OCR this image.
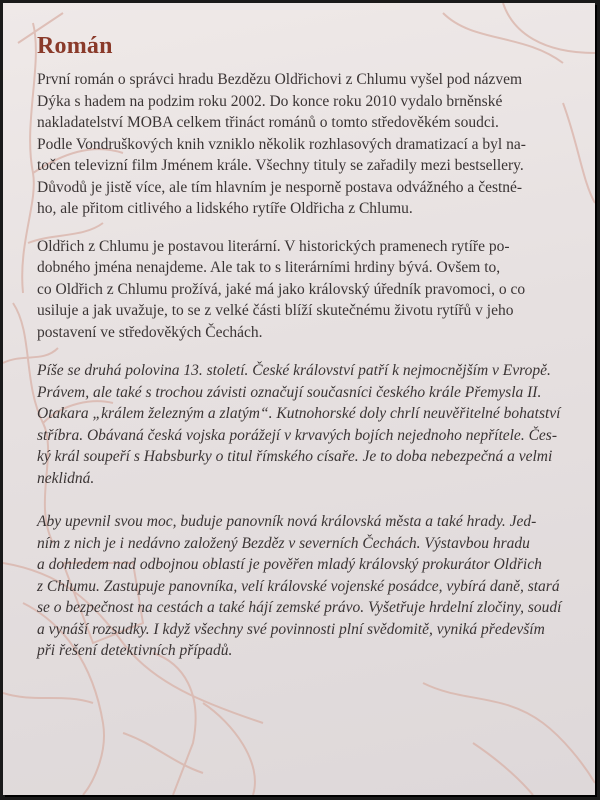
Román

První román o správci hradu Bezdězu Oldřichovi z Chlumu vyšel pod názvem
Dýka s hadem na podzim roku 2002. Do konce roku 2010 vydalo brněnské
nakladatelství MOBA celkem třináct románů o tomto středověkém soudci.
Podle Vondruškových knih vzniklo několik rozhlasových dramatizací a byl na-
točen televizní film Jménem krále. Všechny tituly se zařadily mezi bestsellery.
Důvodů je jistě více, ale tím hlavním je nesporně postava odvážného a čestné-
ho, ale přitom citlivého a lidského rytíře Oldřicha z Chlumu.

Oldřich z Chlumu je postavou literární. V historických pramenech rytíře po-
dobného jména nenajdeme. Ale tak to s literárními hrdiny bývá. Ovšem to,
co Oldřich z Chlumu prožívá, jaké má jako královský úředník pravomoci, o co
usiluje a jak uvažuje, to se z velké části blíží skutečnému životu rytířů v jeho
postavení ve středověkých Čechách.

Píše se druhá polovina 13. století. České království patří k nejmocnějším v Evropě.
Právem, ale také s trochou závisti označují současníci českého krále Přemysla II.
Otakara „králem železným a zlatým“. Kutnohorské doly chrlí neuvěřitelné bohatství
stříbra. Obávaná česká vojska porážejí v krvavých bojích nejednoho nepřítele. Čes-
ký král soupeří s Habsburky o titul římského císaře. Je to doba nebezpečná a velmi
neklidná.

Aby upevnil svou moc, buduje panovník nová královská města a také hrady. Jed-
ním z nich je i nedávno založený Bezděz v severních Čechách. Výstavbou hradu
a dohledem nad odbojnou oblastí je pověřen mladý královský prokurátor Oldřich
z Chlumu. Zastupuje panovníka, velí královské vojenské posádce, vybírá daně, stará
se o bezpečnost na cestách a také hájí zemské právo. Vyšetřuje hrdelní zločiny, soudí
a vynáší rozsudky. I když všechny své povinnosti plní svědomitě, vyniká především
při řešení detektivních případů.
